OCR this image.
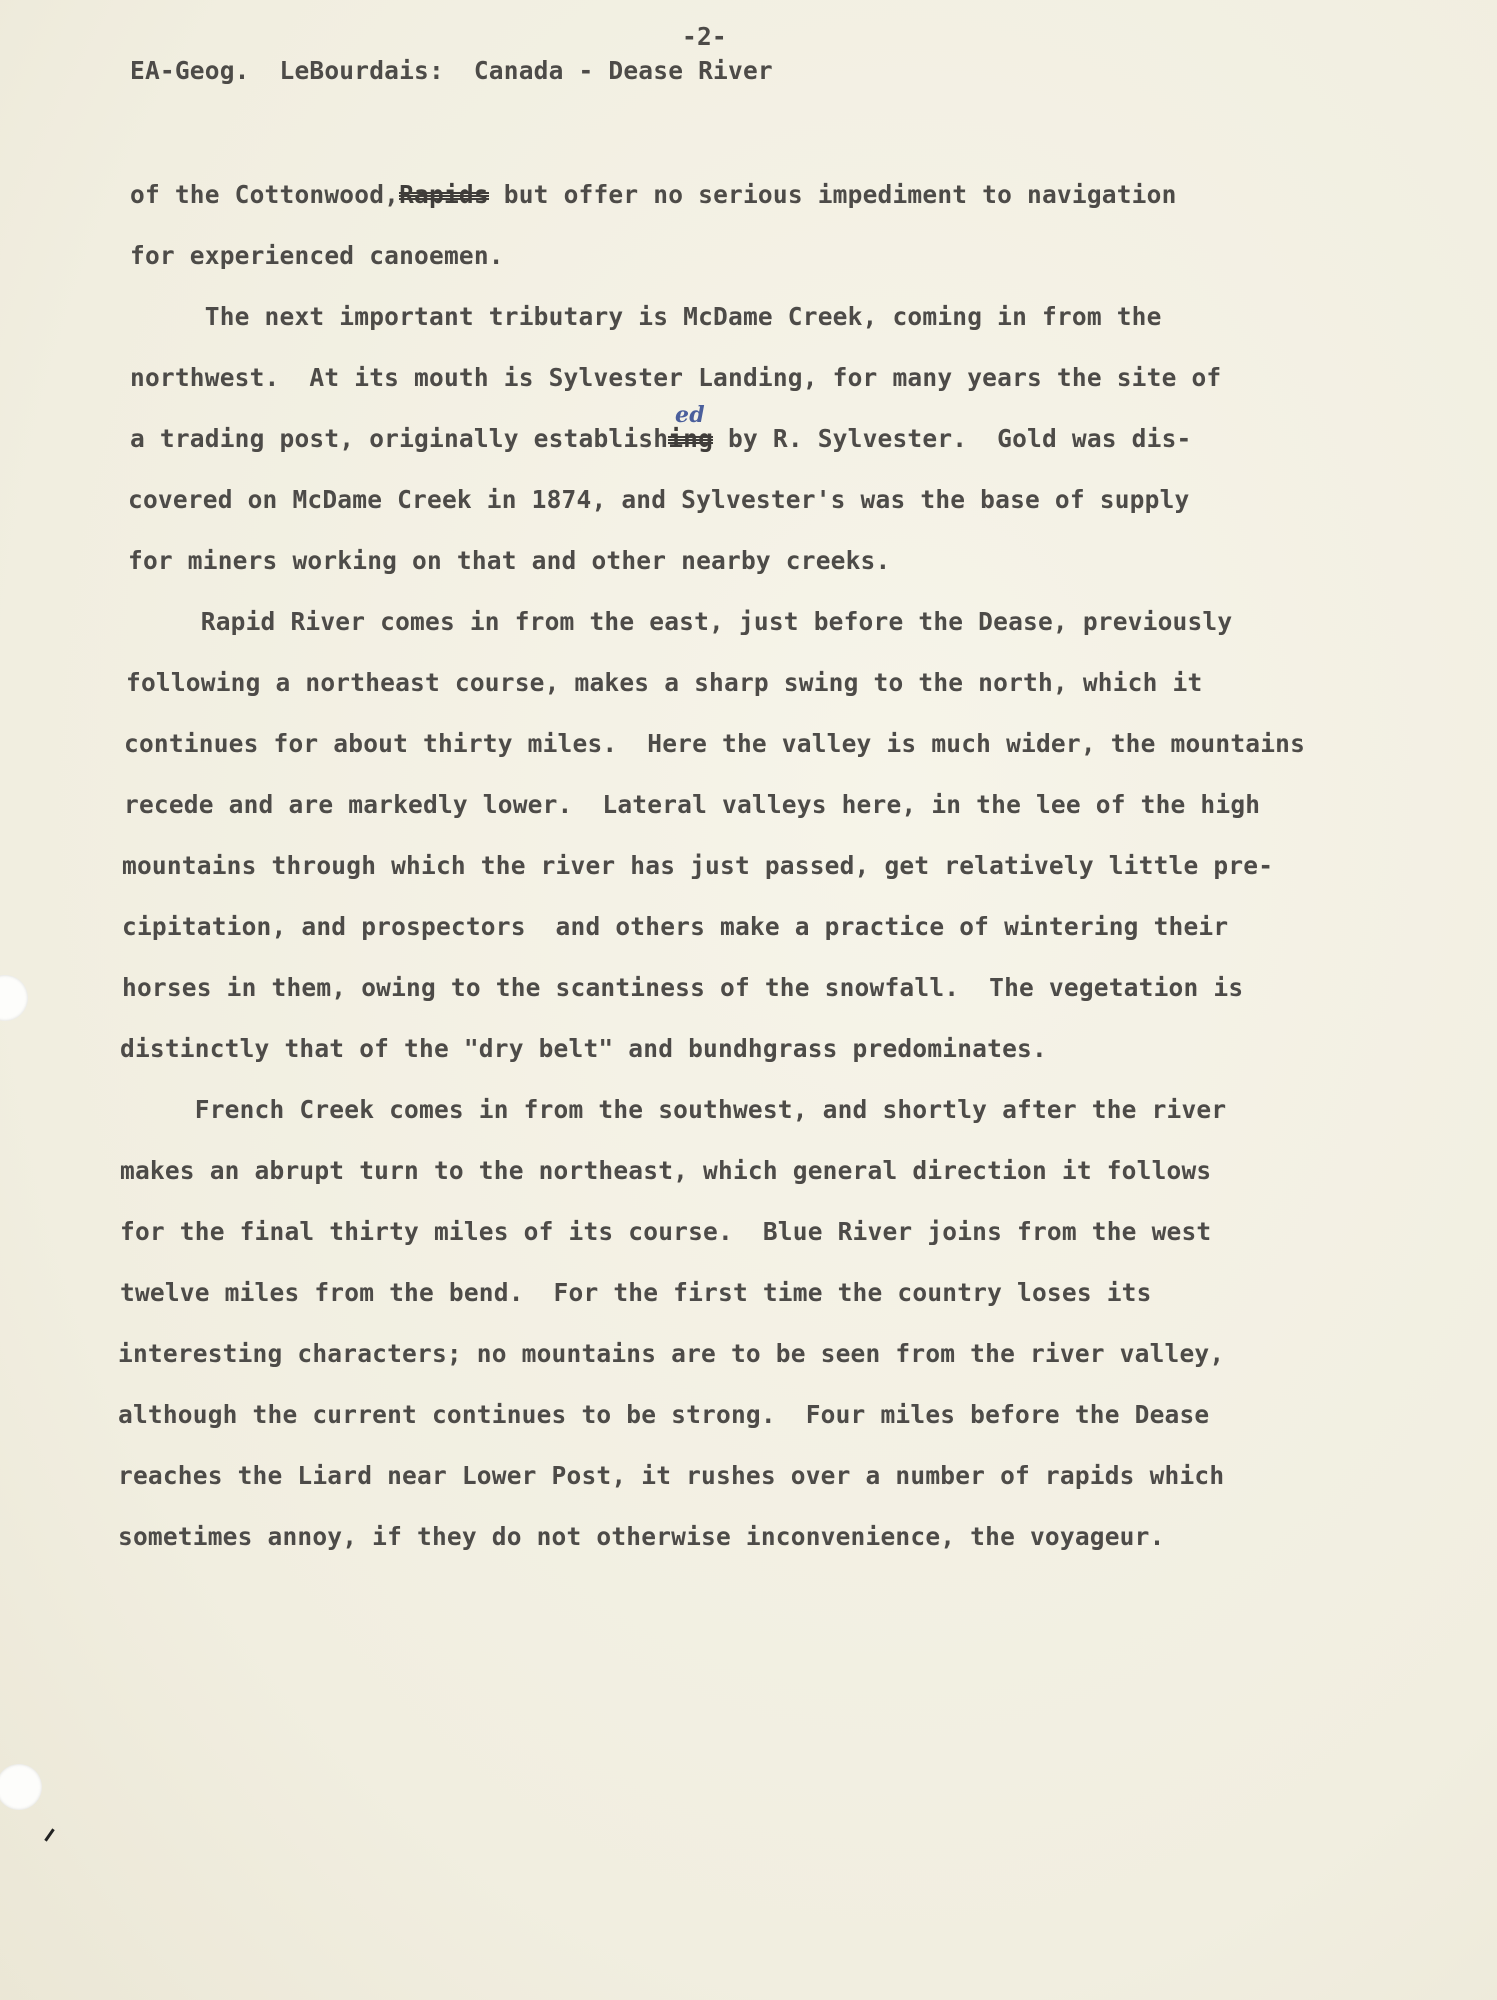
-2-
EA-Geog.  LeBourdais:  Canada - Dease River
of the Cottonwood,Rapids but offer no serious impediment to navigation
for experienced canoemen.
The next important tributary is McDame Creek, coming in from the
northwest.  At its mouth is Sylvester Landing, for many years the site of
a trading post, originally establishing by R. Sylvester.  Gold was dis-
ed
covered on McDame Creek in 1874, and Sylvester's was the base of supply
for miners working on that and other nearby creeks.
Rapid River comes in from the east, just before the Dease, previously
following a northeast course, makes a sharp swing to the north, which it
continues for about thirty miles.  Here the valley is much wider, the mountains
recede and are markedly lower.  Lateral valleys here, in the lee of the high
mountains through which the river has just passed, get relatively little pre-
cipitation, and prospectors  and others make a practice of wintering their
horses in them, owing to the scantiness of the snowfall.  The vegetation is
distinctly that of the "dry belt" and bundhgrass predominates.
French Creek comes in from the southwest, and shortly after the river
makes an abrupt turn to the northeast, which general direction it follows
for the final thirty miles of its course.  Blue River joins from the west
twelve miles from the bend.  For the first time the country loses its
interesting characters; no mountains are to be seen from the river valley,
although the current continues to be strong.  Four miles before the Dease
reaches the Liard near Lower Post, it rushes over a number of rapids which
sometimes annoy, if they do not otherwise inconvenience, the voyageur.
